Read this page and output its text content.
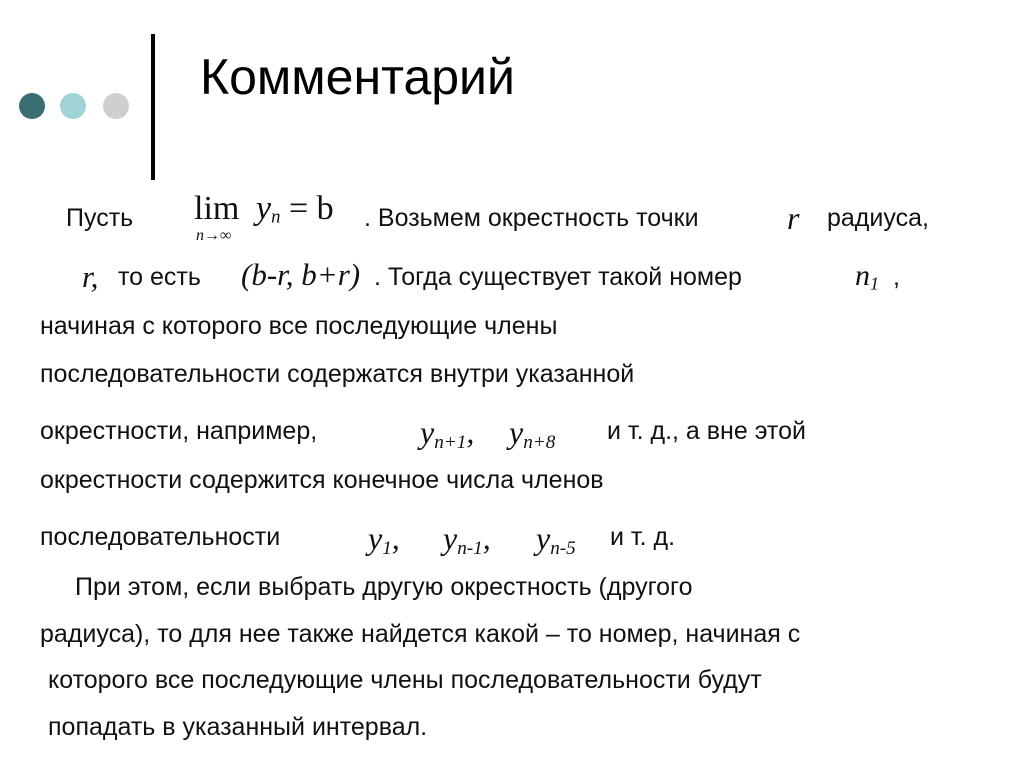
Комментарий
Пусть lim
n→∞
$y_n = b$ . Возьмем окрестность точки	r радиуса,
r, то есть (b-r, b+r) . Тогда существует такой номер	$n_1$ ,
начиная с которого все последующие члены
последовательности содержатся внутри указанной
окрестности, например,	$y_{n+1}$, $y_{n+8}$ и т. д., а вне этой
окрестности содержится конечное числа членов
последовательности	$y_1$, $y_{n-1}$, $y_{n-5}$ и т. д.
При этом, если выбрать другую окрестность (другого
радиуса), то для нее также найдется какой – то номер, начиная с
которого все последующие члены последовательности будут
попадать в указанный интервал.
